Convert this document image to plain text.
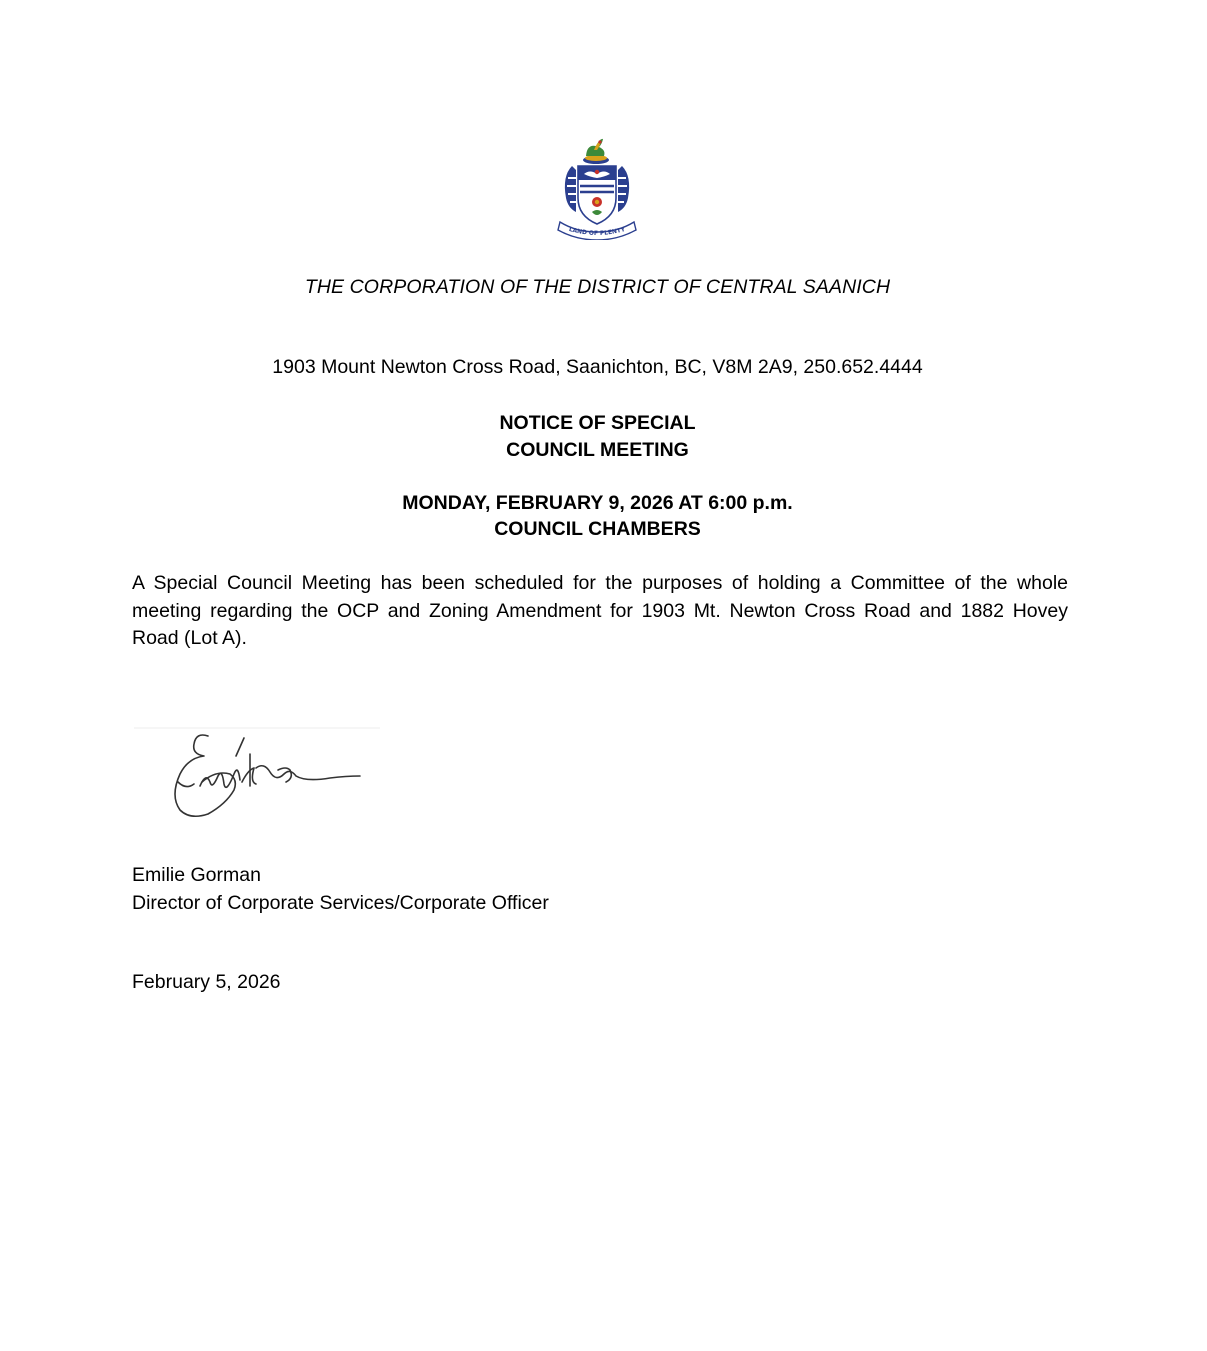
LAND OF PLENTY
THE CORPORATION OF THE DISTRICT OF CENTRAL SAANICH
1903 Mount Newton Cross Road, Saanichton, BC, V8M 2A9, 250.652.4444
NOTICE OF SPECIAL
COUNCIL MEETING
MONDAY, FEBRUARY 9, 2026 AT 6:00 p.m.
COUNCIL CHAMBERS

A Special Council Meeting has been scheduled for the purposes of holding a Committee of the whole meeting regarding the OCP and Zoning Amendment for 1903 Mt. Newton Cross Road and 1882 Hovey Road (Lot A).

Emilie Gorman
Director of Corporate Services/Corporate Officer
February 5, 2026
